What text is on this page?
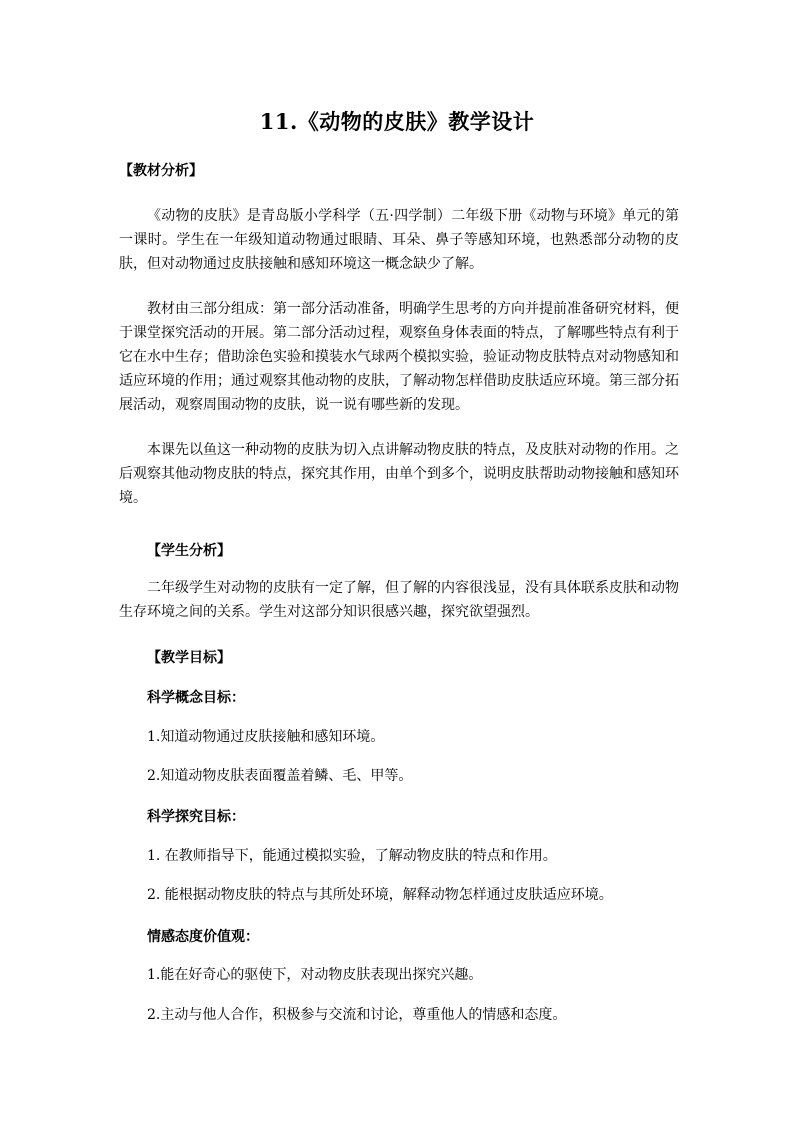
11.《动物的皮肤》教学设计
【教材分析】
《动物的皮肤》是青岛版小学科学（五·四学制）二年级下册《动物与环境》单元的第一课时。学生在一年级知道动物通过眼睛、耳朵、鼻子等感知环境，也熟悉部分动物的皮肤，但对动物通过皮肤接触和感知环境这一概念缺少了解。
教材由三部分组成：第一部分活动准备，明确学生思考的方向并提前准备研究材料，便于课堂探究活动的开展。第二部分活动过程，观察鱼身体表面的特点，了解哪些特点有利于它在水中生存；借助涂色实验和摸装水气球两个模拟实验，验证动物皮肤特点对动物感知和适应环境的作用；通过观察其他动物的皮肤，了解动物怎样借助皮肤适应环境。第三部分拓展活动，观察周围动物的皮肤，说一说有哪些新的发现。
本课先以鱼这一种动物的皮肤为切入点讲解动物皮肤的特点，及皮肤对动物的作用。之后观察其他动物皮肤的特点，探究其作用，由单个到多个，说明皮肤帮助动物接触和感知环境。
【学生分析】
二年级学生对动物的皮肤有一定了解，但了解的内容很浅显，没有具体联系皮肤和动物生存环境之间的关系。学生对这部分知识很感兴趣，探究欲望强烈。
【教学目标】
科学概念目标：
1.知道动物通过皮肤接触和感知环境。
2.知道动物皮肤表面覆盖着鳞、毛、甲等。
科学探究目标：
1. 在教师指导下，能通过模拟实验，了解动物皮肤的特点和作用。
2. 能根据动物皮肤的特点与其所处环境，解释动物怎样通过皮肤适应环境。
情感态度价值观：
1.能在好奇心的驱使下，对动物皮肤表现出探究兴趣。
2.主动与他人合作，积极参与交流和讨论，尊重他人的情感和态度。
